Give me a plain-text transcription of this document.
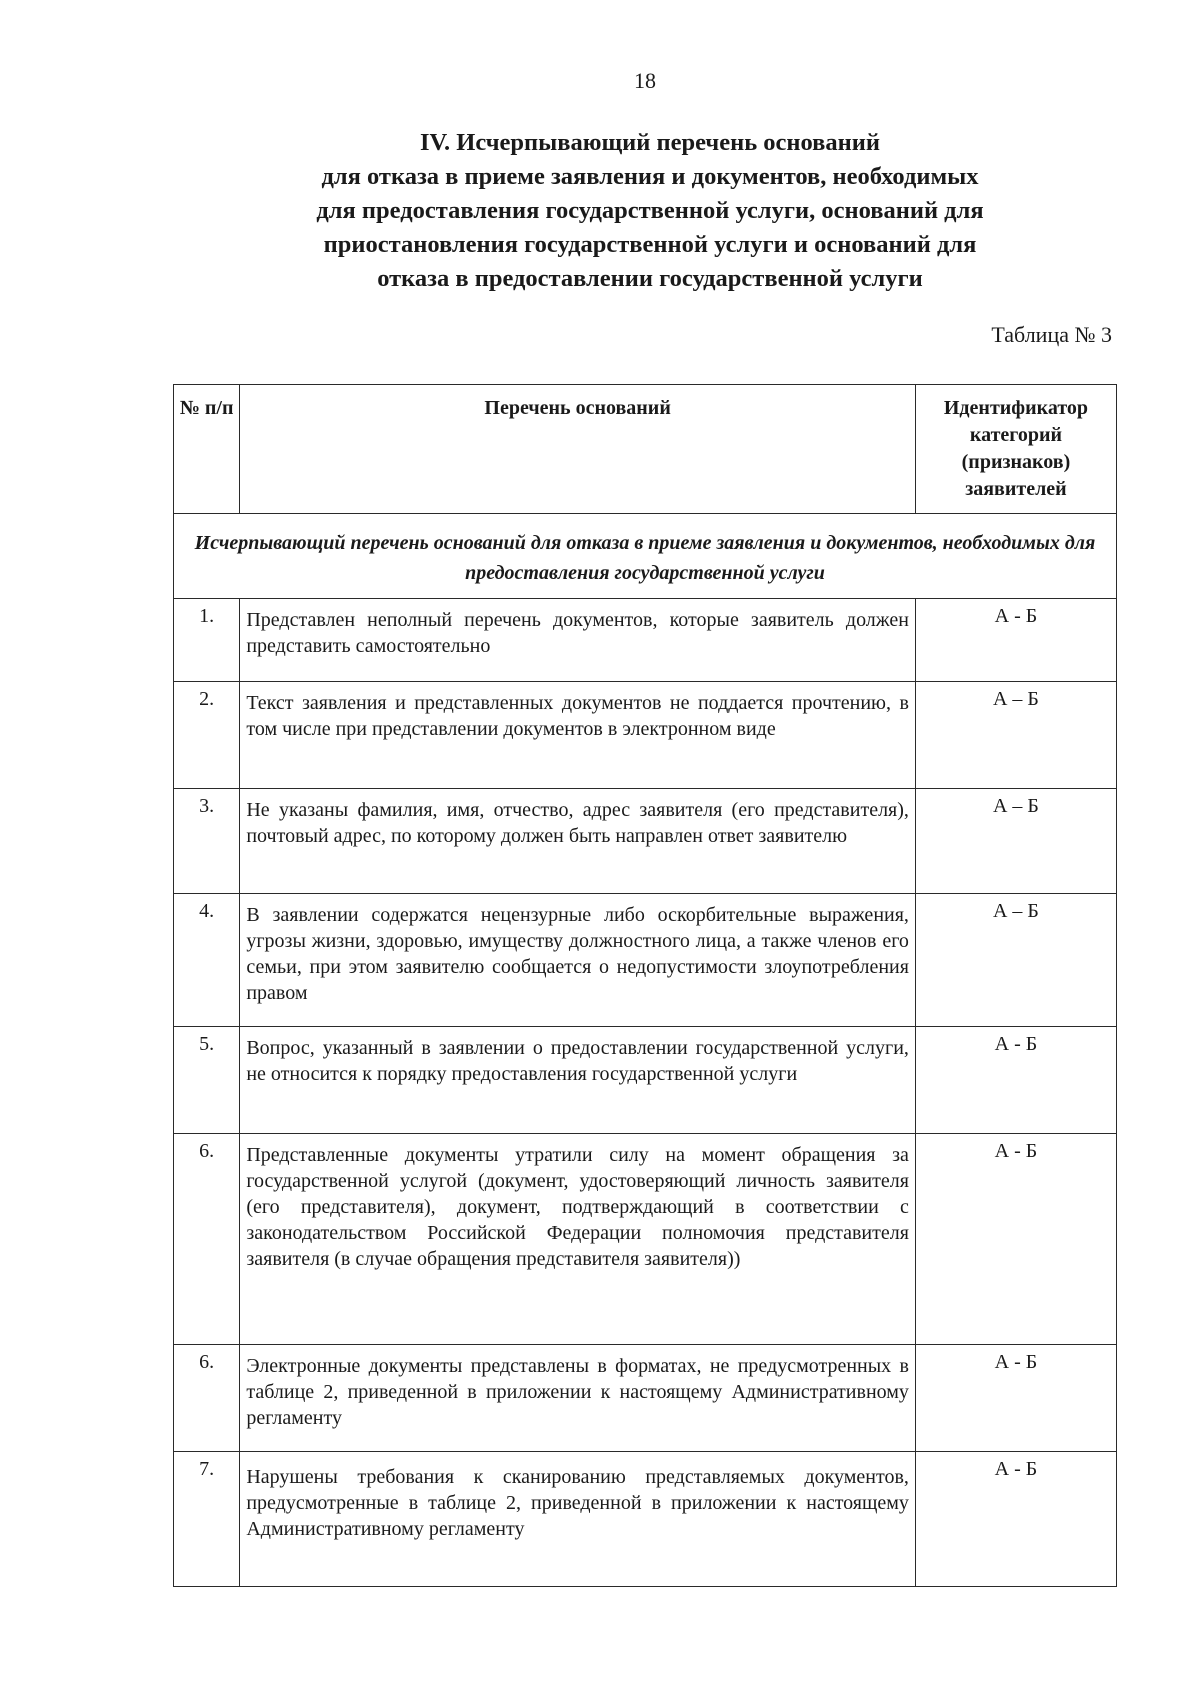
18
IV. Исчерпывающий перечень оснований
для отказа в приеме заявления и документов, необходимых
для предоставления государственной услуги, оснований для
приостановления государственной услуги и оснований для
отказа в предоставлении государственной услуги
Таблица № 3
№ п/п	Перечень оснований	Идентификатор категорий (признаков) заявителей
Исчерпывающий перечень оснований для отказа в приеме заявления и документов, необходимых для предоставления государственной услуги		
1.	Представлен неполный перечень документов, которые заявитель должен представить самостоятельно	А - Б
2.	Текст заявления и представленных документов не поддается прочтению, в том числе при представлении документов в электронном виде	А – Б
3.	Не указаны фамилия, имя, отчество, адрес заявителя (его представителя), почтовый адрес, по которому должен быть направлен ответ заявителю	А – Б
4.	В заявлении содержатся нецензурные либо оскорбительные выражения, угрозы жизни, здоровью, имуществу должностного лица, а также членов его семьи, при этом заявителю сообщается о недопустимости злоупотребления правом	А – Б
5.	Вопрос, указанный в заявлении о предоставлении государственной услуги, не относится к порядку предоставления государственной услуги	А - Б
6.	Представленные документы утратили силу на момент обращения за государственной услугой (документ, удостоверяющий личность заявителя (его представителя), документ, подтверждающий в соответствии с законодательством Российской Федерации полномочия представителя заявителя (в случае обращения представителя заявителя))	А - Б
6.	Электронные документы представлены в форматах, не предусмотренных в таблице 2, приведенной в приложении к настоящему Административному регламенту	А - Б
7.	Нарушены требования к сканированию представляемых документов, предусмотренные в таблице 2, приведенной в приложении к настоящему Административному регламенту	А - Б
